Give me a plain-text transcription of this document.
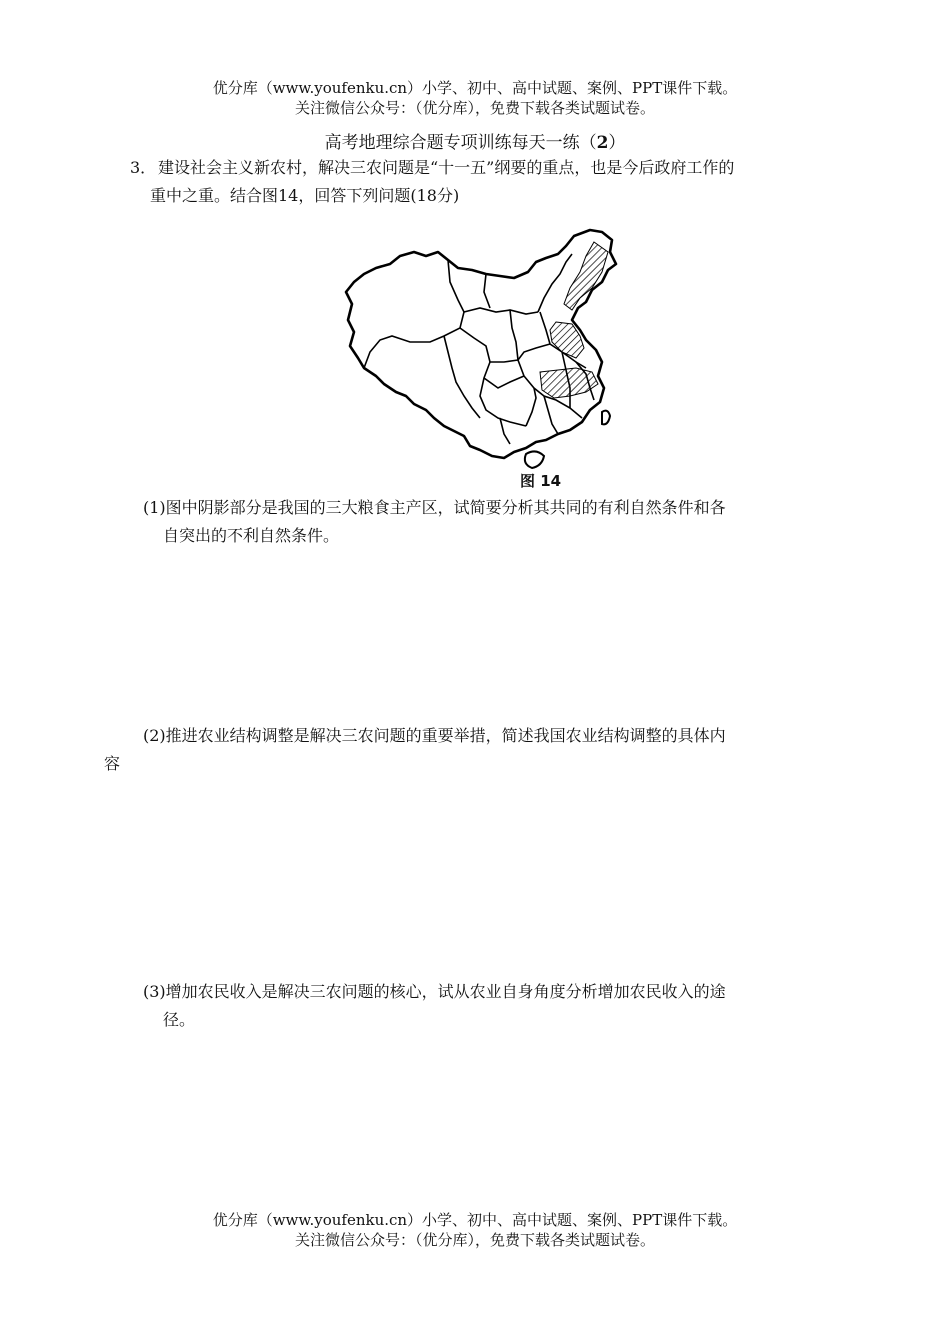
优分库（www.youfenku.cn）小学、初中、高中试题、案例、PPT课件下载。
关注微信公众号：（优分库），免费下载各类试题试卷。
高考地理综合题专项训练每天一练（2）
3． 建设社会主义新农村，解决三农问题是“十一五”纲要的重点，也是今后政府工作的
重中之重。结合图14，回答下列问题(18分)
图 14
(1)图中阴影部分是我国的三大粮食主产区，试简要分析其共同的有利自然条件和各
自突出的不利自然条件。
(2)推进农业结构调整是解决三农问题的重要举措，简述我国农业结构调整的具体内
容
(3)增加农民收入是解决三农问题的核心，试从农业自身角度分析增加农民收入的途
径。
优分库（www.youfenku.cn）小学、初中、高中试题、案例、PPT课件下载。
关注微信公众号：（优分库），免费下载各类试题试卷。
